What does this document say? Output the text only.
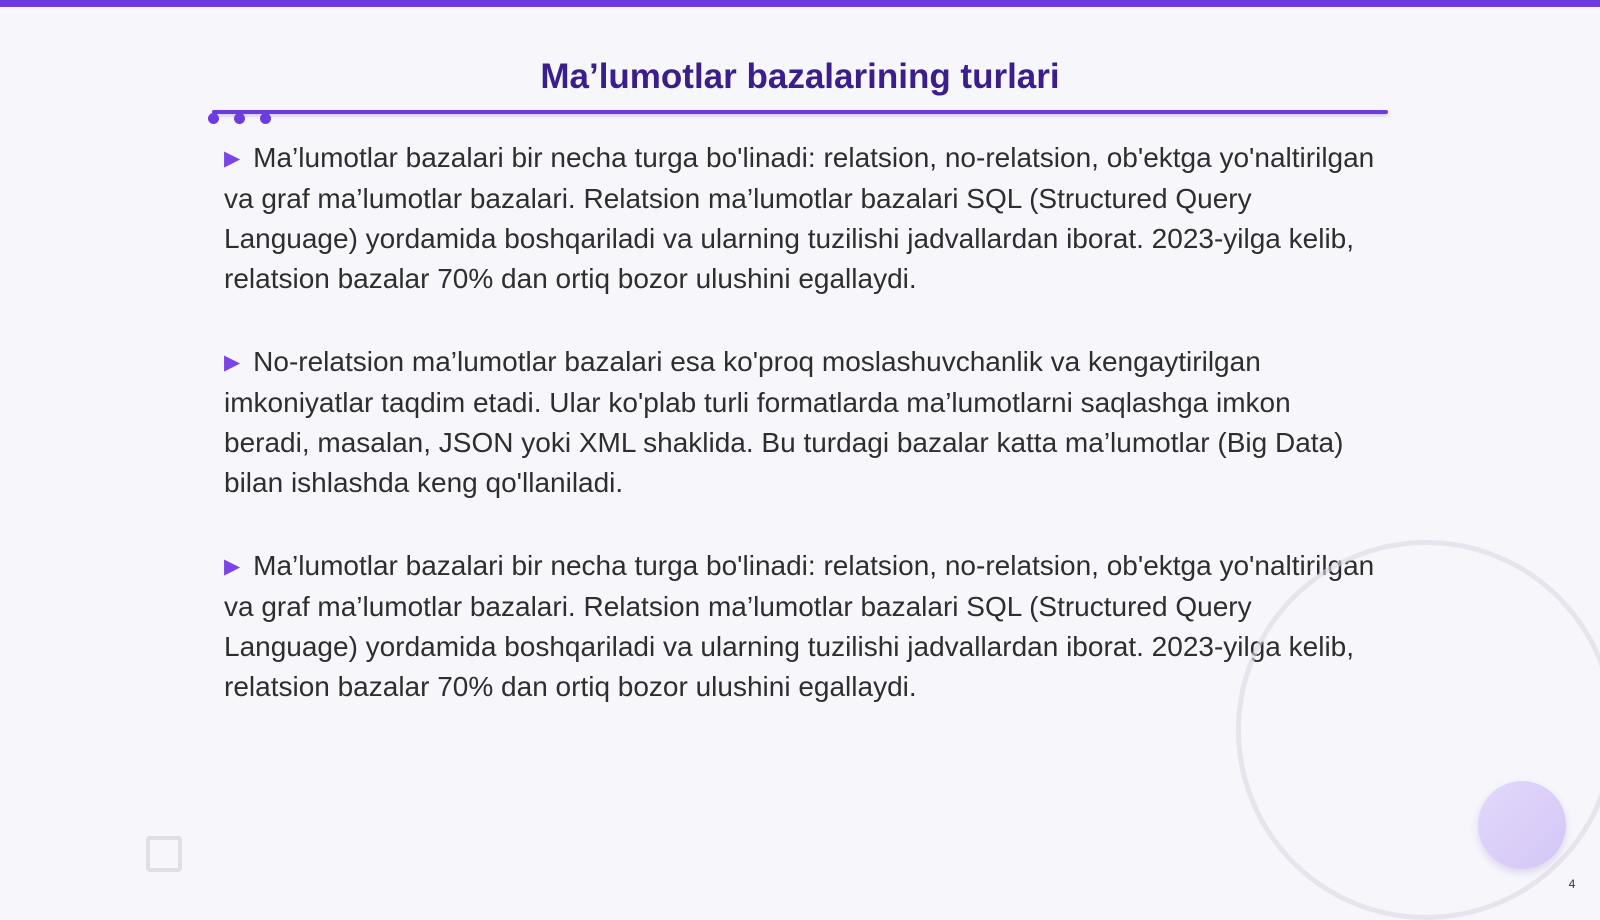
Ma’lumotlar bazalarining turlari

▶ Ma’lumotlar bazalari bir necha turga bo'linadi: relatsion, no-relatsion, ob'ektga yo'naltirilgan va graf ma’lumotlar bazalari. Relatsion ma’lumotlar bazalari SQL (Structured Query Language) yordamida boshqariladi va ularning tuzilishi jadvallardan iborat. 2023-yilga kelib, relatsion bazalar 70% dan ortiq bozor ulushini egallaydi.

▶ No-relatsion ma’lumotlar bazalari esa ko'proq moslashuvchanlik va kengaytirilgan imkoniyatlar taqdim etadi. Ular ko'plab turli formatlarda ma’lumotlarni saqlashga imkon beradi, masalan, JSON yoki XML shaklida. Bu turdagi bazalar katta ma’lumotlar (Big Data) bilan ishlashda keng qo'llaniladi.

▶ Ma’lumotlar bazalari bir necha turga bo'linadi: relatsion, no-relatsion, ob'ektga yo'naltirilgan va graf ma’lumotlar bazalari. Relatsion ma’lumotlar bazalari SQL (Structured Query Language) yordamida boshqariladi va ularning tuzilishi jadvallardan iborat. 2023-yilga kelib, relatsion bazalar 70% dan ortiq bozor ulushini egallaydi.

4
